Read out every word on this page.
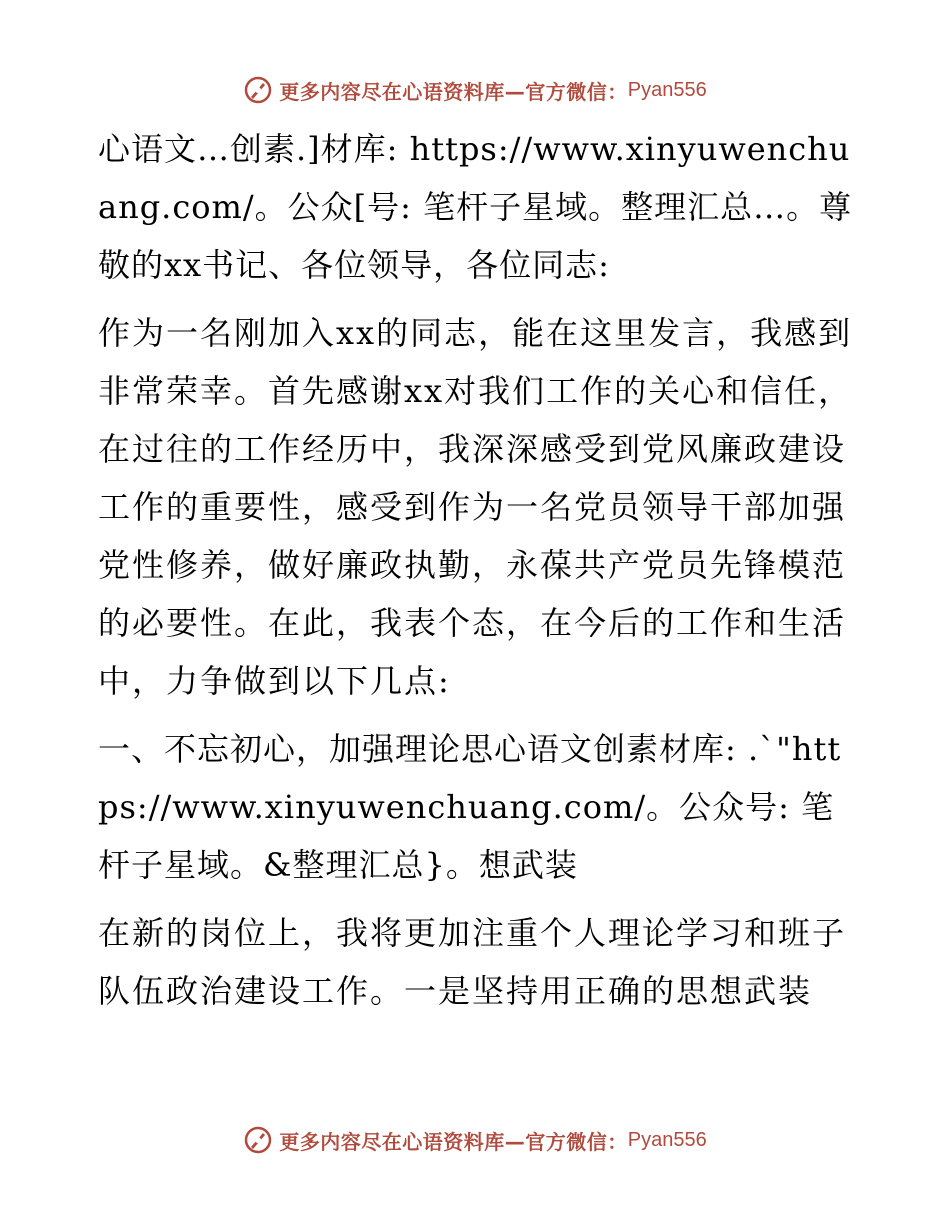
更多内容尽在心语资料库—官方微信： Pyan556

心语文…创素.]材库: https://www.xinyuwenchuang.com/。公众[号: 笔杆子星域。整理汇总…。尊敬的xx书记、各位领导，各位同志:

作为一名刚加入xx的同志，能在这里发言，我感到非常荣幸。首先感谢xx对我们工作的关心和信任，在过往的工作经历中，我深深感受到党风廉政建设工作的重要性，感受到作为一名党员领导干部加强党性修养，做好廉政执勤，永葆共产党员先锋模范的必要性。在此，我表个态，在今后的工作和生活中，力争做到以下几点:

一、不忘初心，加强理论思心语文创素材库: .`"https://www.xinyuwenchuang.com/。公众号: 笔杆子星域。&整理汇总}。想武装

在新的岗位上，我将更加注重个人理论学习和班子队伍政治建设工作。一是坚持用正确的思想武装

更多内容尽在心语资料库—官方微信： Pyan556
